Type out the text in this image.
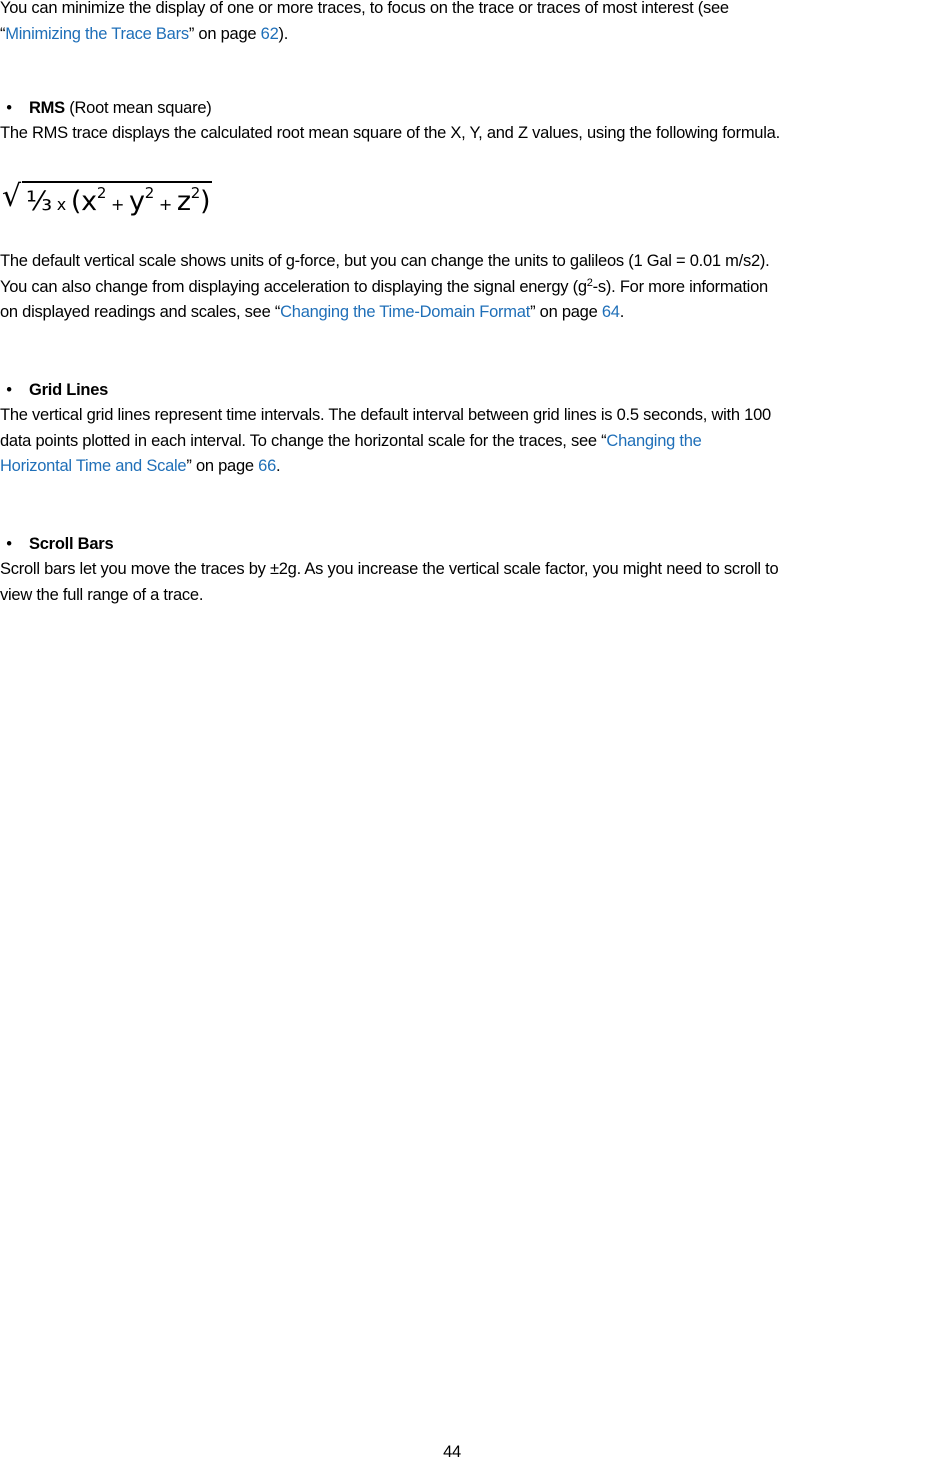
You can minimize the display of one or more traces, to focus on the trace or traces of most interest (see
“Minimizing the Trace Bars” on page 62).

• RMS (Root mean square)
The RMS trace displays the calculated root mean square of the X, Y, and Z values, using the following formula.
√ ⅓ x $(x^2 + y^2 + z^2)$

The default vertical scale shows units of g-force, but you can change the units to galileos (1 Gal = 0.01 m/s2).
You can also change from displaying acceleration to displaying the signal energy $(g^2-s)$. For more information
on displayed readings and scales, see “Changing the Time-Domain Format” on page 64.

• Grid Lines
The vertical grid lines represent time intervals. The default interval between grid lines is 0.5 seconds, with 100
data points plotted in each interval. To change the horizontal scale for the traces, see “Changing the
Horizontal Time and Scale” on page 66.
• Scroll Bars
Scroll bars let you move the traces by ±2g. As you increase the vertical scale factor, you might need to scroll to
view the full range of a trace.
44
